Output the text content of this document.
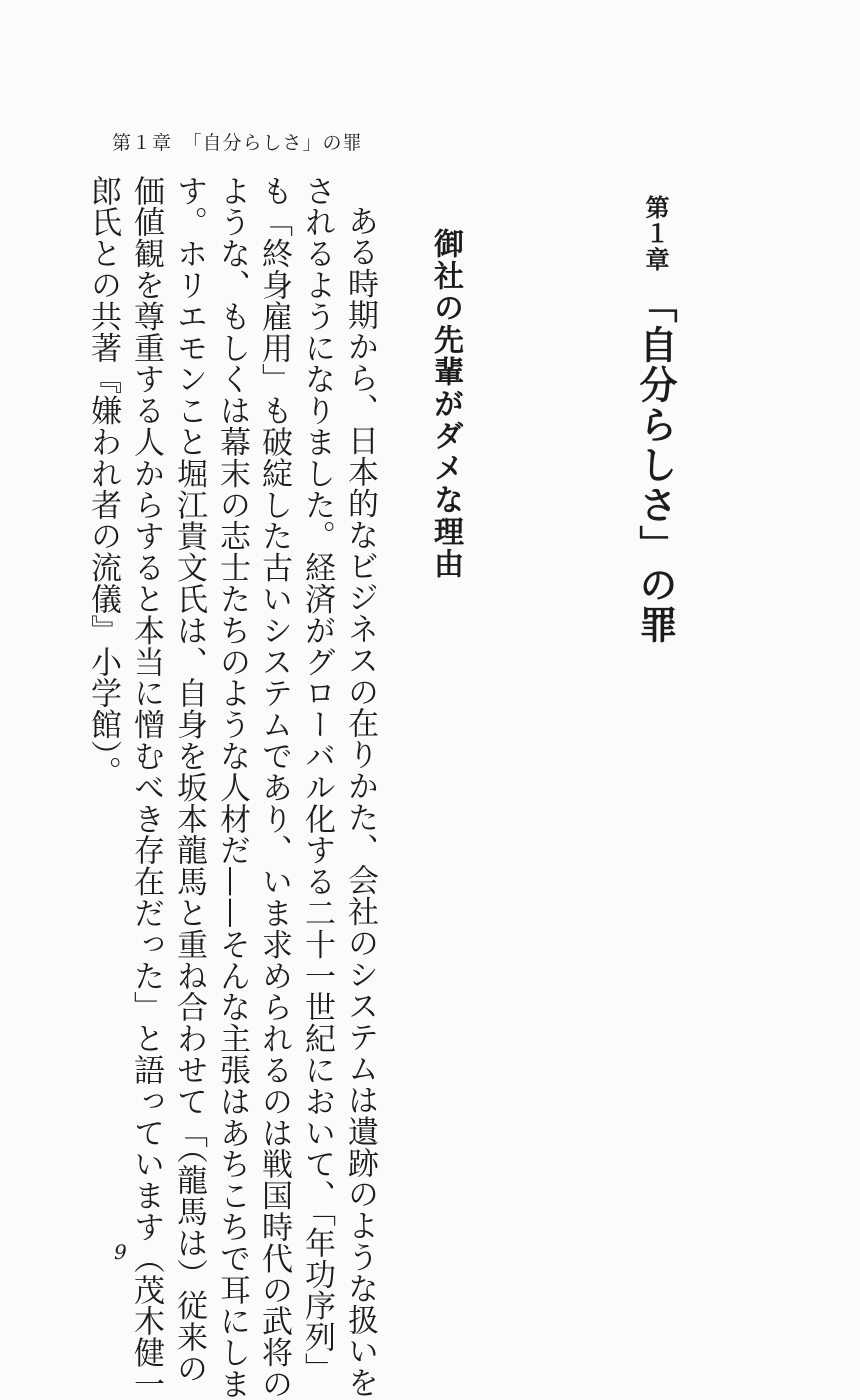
第１章　「自分らしさ」の罪
第１章
「自分らしさ」の罪
御社の先輩がダメな理由
ある時期から、日本的なビジネスの在りかた、会社のシステムは遺跡のような扱いを
されるようになりました。経済がグローバル化する二十一世紀において、「年功序列」
も「終身雇用」も破綻した古いシステムであり、いま求められるのは戦国時代の武将の
ような、もしくは幕末の志士たちのような人材だ——そんな主張はあちこちで耳にしま
す。ホリエモンこと堀江貴文氏は、自身を坂本龍馬と重ね合わせて「（龍馬は）従来の
価値観を尊重する人からすると本当に憎むべき存在だった」と語っています（茂木健一
郎氏との共著『嫌われ者の流儀』小学館）。
9
